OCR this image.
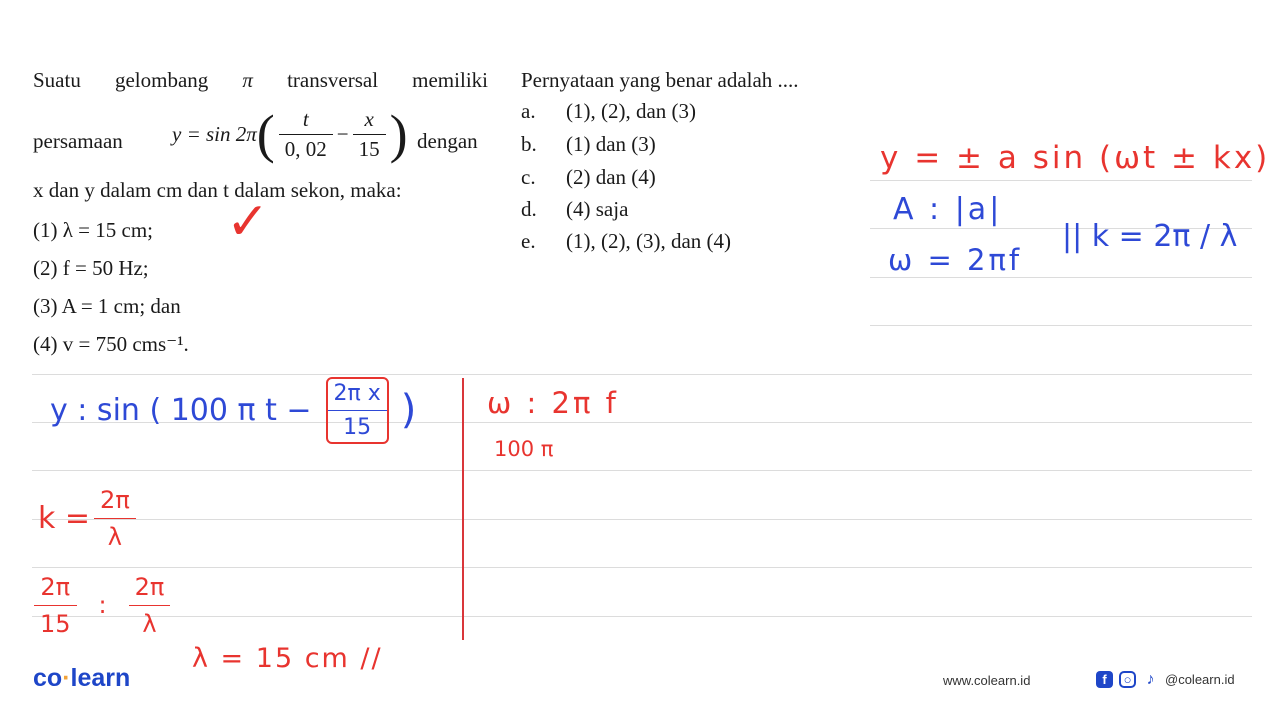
Suatu gelombang π transversal memiliki
persamaan y = sin 2π ( $\frac{t}{0, 02} - \frac{x}{15}$ ) dengan
x dan y dalam cm dan t dalam sekon, maka:
(1) λ = 15 cm;
(2) f = 50 Hz;
(3) A = 1 cm; dan
(4) v = 750 cms⁻¹.
Pernyataan yang benar adalah ....
a. (1), (2), dan (3)
b. (1) dan (3)
c. (2) dan (4)
d. (4) saja
e. (1), (2), (3), dan (4)
✓
y = ± a sin (ωt ± kx)
A : |a|
ω = 2πf
|| k = 2π / λ
y : sin ( 100 π $t - \frac{\text{2π x}}{15}$ ) ω : 2π f
100 π
$k = \frac{2\pi}{\lambda}$
$\frac{2\pi}{15}$ : $\frac{2\pi}{\lambda}$
λ = 15 cm //
co·learn	www.colearn.id	f	○ ♪ @colearn.id
